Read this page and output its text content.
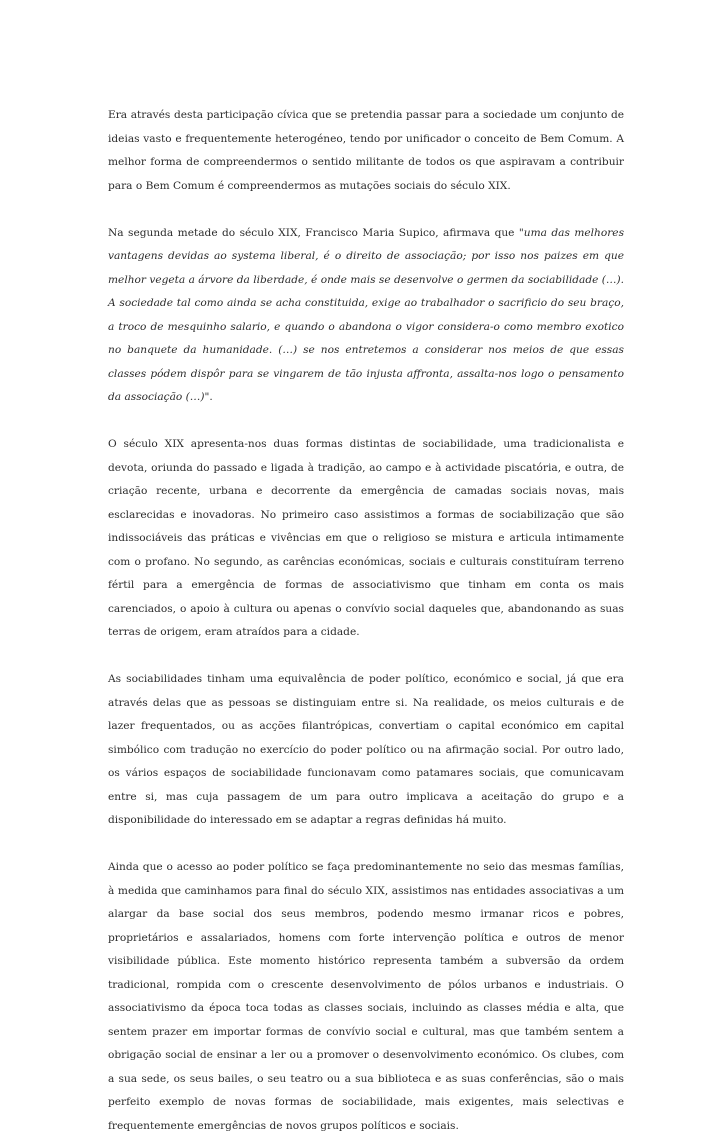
Era através desta participação cívica que se pretendia passar para a sociedade um conjunto de ideias vasto e frequentemente heterogéneo, tendo por unificador o conceito de Bem Comum. A melhor forma de compreendermos o sentido militante de todos os que aspiravam a contribuir para o Bem Comum é compreendermos as mutações sociais do século XIX.

Na segunda metade do século XIX, Francisco Maria Supico, afirmava que "uma das melhores vantagens devidas ao systema liberal, é o direito de associação; por isso nos paizes em que melhor vegeta a árvore da liberdade, é onde mais se desenvolve o germen da sociabilidade (…). A sociedade tal como ainda se acha constituida, exige ao trabalhador o sacrificio do seu braço, a troco de mesquinho salario, e quando o abandona o vigor considera-o como membro exotico no banquete da humanidade. (…) se nos entretemos a considerar nos meios de que essas classes pódem dispôr para se vingarem de tão injusta affronta, assalta-nos logo o pensamento da associação (…)".

O século XIX apresenta-nos duas formas distintas de sociabilidade, uma tradicionalista e devota, oriunda do passado e ligada à tradição, ao campo e à actividade piscatória, e outra, de criação recente, urbana e decorrente da emergência de camadas sociais novas, mais esclarecidas e inovadoras. No primeiro caso assistimos a formas de sociabilização que são indissociáveis das práticas e vivências em que o religioso se mistura e articula intimamente com o profano. No segundo, as carências económicas, sociais e culturais constituíram terreno fértil para a emergência de formas de associativismo que tinham em conta os mais carenciados, o apoio à cultura ou apenas o convívio social daqueles que, abandonando as suas terras de origem, eram atraídos para a cidade.

As sociabilidades tinham uma equivalência de poder político, económico e social, já que era através delas que as pessoas se distinguiam entre si. Na realidade, os meios culturais e de lazer frequentados, ou as acções filantrópicas, convertiam o capital económico em capital simbólico com tradução no exercício do poder político ou na afirmação social. Por outro lado, os vários espaços de sociabilidade funcionavam como patamares sociais, que comunicavam entre si, mas cuja passagem de um para outro implicava a aceitação do grupo e a disponibilidade do interessado em se adaptar a regras definidas há muito.

Ainda que o acesso ao poder político se faça predominantemente no seio das mesmas famílias, à medida que caminhamos para final do século XIX, assistimos nas entidades associativas a um alargar da base social dos seus membros, podendo mesmo irmanar ricos e pobres, proprietários e assalariados, homens com forte intervenção política e outros de menor visibilidade pública. Este momento histórico representa também a subversão da ordem tradicional, rompida com o crescente desenvolvimento de pólos urbanos e industriais. O associativismo da época toca todas as classes sociais, incluindo as classes média e alta, que sentem prazer em importar formas de convívio social e cultural, mas que também sentem a obrigação social de ensinar a ler ou a promover o desenvolvimento económico. Os clubes, com a sua sede, os seus bailes, o seu teatro ou a sua biblioteca e as suas conferências, são o mais perfeito exemplo de novas formas de sociabilidade, mais exigentes, mais selectivas e frequentemente emergências de novos grupos políticos e sociais.
